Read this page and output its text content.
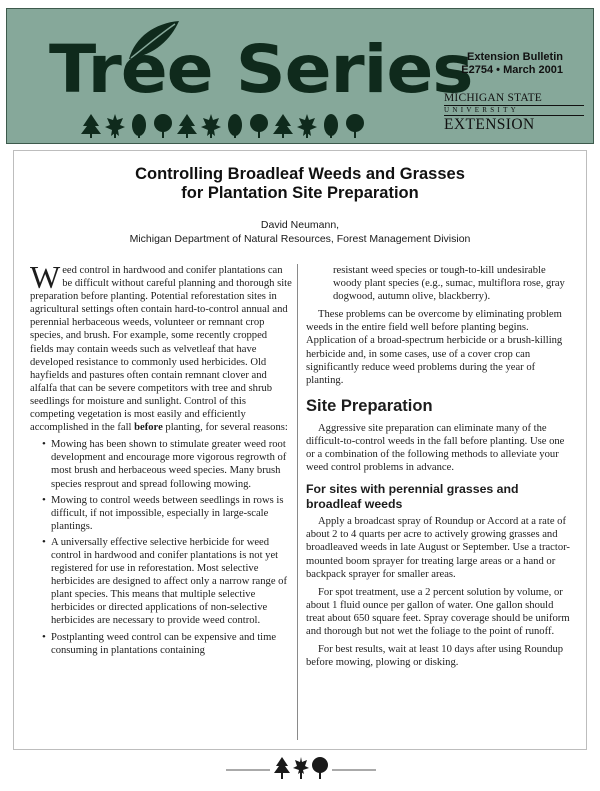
Tree Series
Extension Bulletin
E2754 • March 2001
MICHIGAN STATE
UNIVERSITY
EXTENSION
Controlling Broadleaf Weeds and Grasses
for Plantation Site Preparation
David Neumann,
Michigan Department of Natural Resources, Forest Management Division

Weed control in hardwood and conifer plantations can be difficult without careful planning and thorough site preparation before planting. Potential reforestation sites in agricultural settings often contain hard-to-control annual and perennial herbaceous weeds, volunteer or remnant crop species, and brush. For example, some recently cropped fields may contain weeds such as velvetleaf that have developed resistance to commonly used herbicides. Old hayfields and pastures often contain remnant clover and alfalfa that can be severe competitors with tree and shrub seedlings for moisture and sunlight. Control of this competing vegetation is most easily and efficiently accomplished in the fall before planting, for several reasons:

• Mowing has been shown to stimulate greater weed root development and encourage more vigorous regrowth of most brush and herbaceous weed species. Many brush species resprout and spread following mowing.
• Mowing to control weeds between seedlings in rows is difficult, if not impossible, especially in large-scale plantings.
• A universally effective selective herbicide for weed control in hardwood and conifer plantations is not yet registered for use in reforestation. Most selective herbicides are designed to affect only a narrow range of plant species. This means that multiple selective herbicides or directed applications of non-selective herbicides are necessary to provide weed control.
• Postplanting weed control can be expensive and time consuming in plantations containing

resistant weed species or tough-to-kill undesirable woody plant species (e.g., sumac, multiflora rose, gray dogwood, autumn olive, blackberry).

These problems can be overcome by eliminating problem weeds in the entire field well before planting begins. Application of a broad-spectrum herbicide or a brush-killing herbicide and, in some cases, use of a cover crop can significantly reduce weed problems during the year of planting.

Site Preparation

Aggressive site preparation can eliminate many of the difficult-to-control weeds in the fall before planting. Use one or a combination of the following methods to alleviate your weed control problems in advance.

For sites with perennial grasses and broadleaf weeds

Apply a broadcast spray of Roundup or Accord at a rate of about 2 to 4 quarts per acre to actively growing grasses and broadleaved weeds in late August or September. Use a tractor-mounted boom sprayer for treating large areas or a hand or backpack sprayer for smaller areas.

For spot treatment, use a 2 percent solution by volume, or about 1 fluid ounce per gallon of water. One gallon should treat about 650 square feet. Spray coverage should be uniform and thorough but not wet the foliage to the point of runoff.

For best results, wait at least 10 days after using Roundup before mowing, plowing or disking.
